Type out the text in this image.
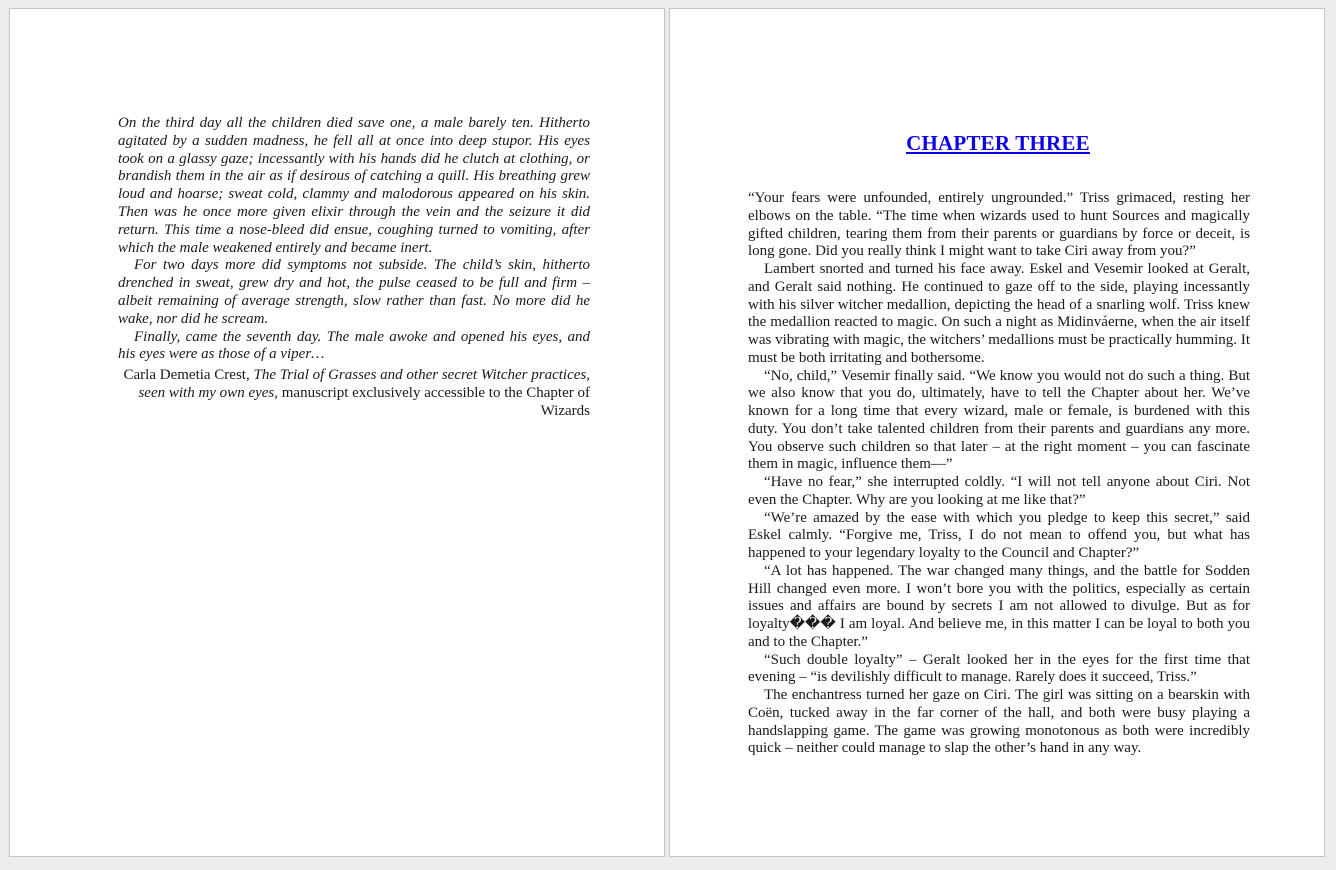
On the third day all the children died save one, a male barely ten. Hitherto agitated by a sudden madness, he fell all at once into deep stupor. His eyes took on a glassy gaze; incessantly with his hands did he clutch at clothing, or brandish them in the air as if desirous of catching a quill. His breathing grew loud and hoarse; sweat cold, clammy and malodorous appeared on his skin. Then was he once more given elixir through the vein and the seizure it did return. This time a nose-bleed did ensue, coughing turned to vomiting, after which the male weakened entirely and became inert.

For two days more did symptoms not subside. The child’s skin, hitherto drenched in sweat, grew dry and hot, the pulse ceased to be full and firm – albeit remaining of average strength, slow rather than fast. No more did he wake, nor did he scream.

Finally, came the seventh day. The male awoke and opened his eyes, and his eyes were as those of a viper…

Carla Demetia Crest, The Trial of Grasses and other secret Witcher practices, seen with my own eyes, manuscript exclusively accessible to the Chapter of Wizards
CHAPTER THREE

“Your fears were unfounded, entirely ungrounded.” Triss grimaced, resting her elbows on the table. “The time when wizards used to hunt Sources and magically gifted children, tearing them from their parents or guardians by force or deceit, is long gone. Did you really think I might want to take Ciri away from you?”

Lambert snorted and turned his face away. Eskel and Vesemir looked at Geralt, and Geralt said nothing. He continued to gaze off to the side, playing incessantly with his silver witcher medallion, depicting the head of a snarling wolf. Triss knew the medallion reacted to magic. On such a night as Midinváerne, when the air itself was vibrating with magic, the witchers’ medallions must be practically humming. It must be both irritating and bothersome.

“No, child,” Vesemir finally said. “We know you would not do such a thing. But we also know that you do, ultimately, have to tell the Chapter about her. We’ve known for a long time that every wizard, male or female, is burdened with this duty. You don’t take talented children from their parents and guardians any more. You observe such children so that later – at the right moment – you can fascinate them in magic, influence them—”

“Have no fear,” she interrupted coldly. “I will not tell anyone about Ciri. Not even the Chapter. Why are you looking at me like that?”

“We’re amazed by the ease with which you pledge to keep this secret,” said Eskel calmly. “Forgive me, Triss, I do not mean to offend you, but what has happened to your legendary loyalty to the Council and Chapter?”

“A lot has happened. The war changed many things, and the battle for Sodden Hill changed even more. I won’t bore you with the politics, especially as certain issues and affairs are bound by secrets I am not allowed to divulge. But as for loyalty��� I am loyal. And believe me, in this matter I can be loyal to both you and to the Chapter.”

“Such double loyalty” – Geralt looked her in the eyes for the first time that evening – “is devilishly difficult to manage. Rarely does it succeed, Triss.”

The enchantress turned her gaze on Ciri. The girl was sitting on a bearskin with Coën, tucked away in the far corner of the hall, and both were busy playing a handslapping game. The game was growing monotonous as both were incredibly quick – neither could manage to slap the other’s hand in any way.
